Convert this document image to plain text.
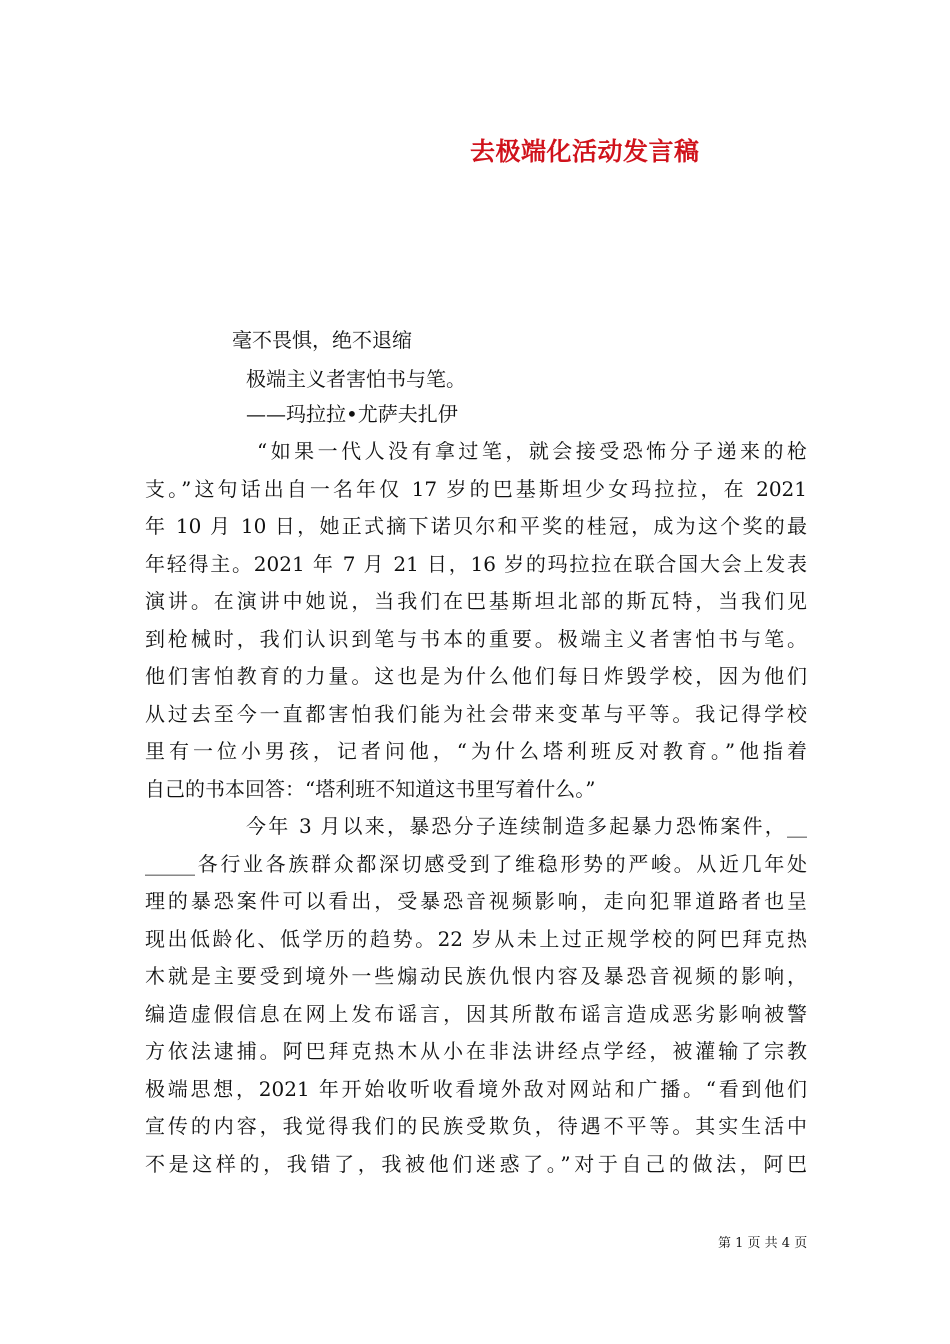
去极端化活动发言稿
毫不畏惧，绝不退缩
极端主义者害怕书与笔。
——玛拉拉•尤萨夫扎伊
“如果一代人没有拿过笔，就会接受恐怖分子递来的枪
支。”这句话出自一名年仅 17 岁的巴基斯坦少女玛拉拉，在 2021
年 10 月 10 日，她正式摘下诺贝尔和平奖的桂冠，成为这个奖的最
年轻得主。2021 年 7 月 21 日，16 岁的玛拉拉在联合国大会上发表
演讲。在演讲中她说，当我们在巴基斯坦北部的斯瓦特，当我们见
到枪械时，我们认识到笔与书本的重要。极端主义者害怕书与笔。
他们害怕教育的力量。这也是为什么他们每日炸毁学校，因为他们
从过去至今一直都害怕我们能为社会带来变革与平等。我记得学校
里有一位小男孩，记者问他，“为什么塔利班反对教育。”他指着
自己的书本回答：“塔利班不知道这书里写着什么。”
今年 3 月以来，暴恐分子连续制造多起暴力恐怖案件，__
_____各行业各族群众都深切感受到了维稳形势的严峻。从近几年处
理的暴恐案件可以看出，受暴恐音视频影响，走向犯罪道路者也呈
现出低龄化、低学历的趋势。22 岁从未上过正规学校的阿巴拜克热
木就是主要受到境外一些煽动民族仇恨内容及暴恐音视频的影响，
编造虚假信息在网上发布谣言，因其所散布谣言造成恶劣影响被警
方依法逮捕。阿巴拜克热木从小在非法讲经点学经，被灌输了宗教
极端思想，2021 年开始收听收看境外敌对网站和广播。“看到他们
宣传的内容，我觉得我们的民族受欺负，待遇不平等。其实生活中
不是这样的，我错了，我被他们迷惑了。”对于自己的做法，阿巴
第 1 页 共 4 页
